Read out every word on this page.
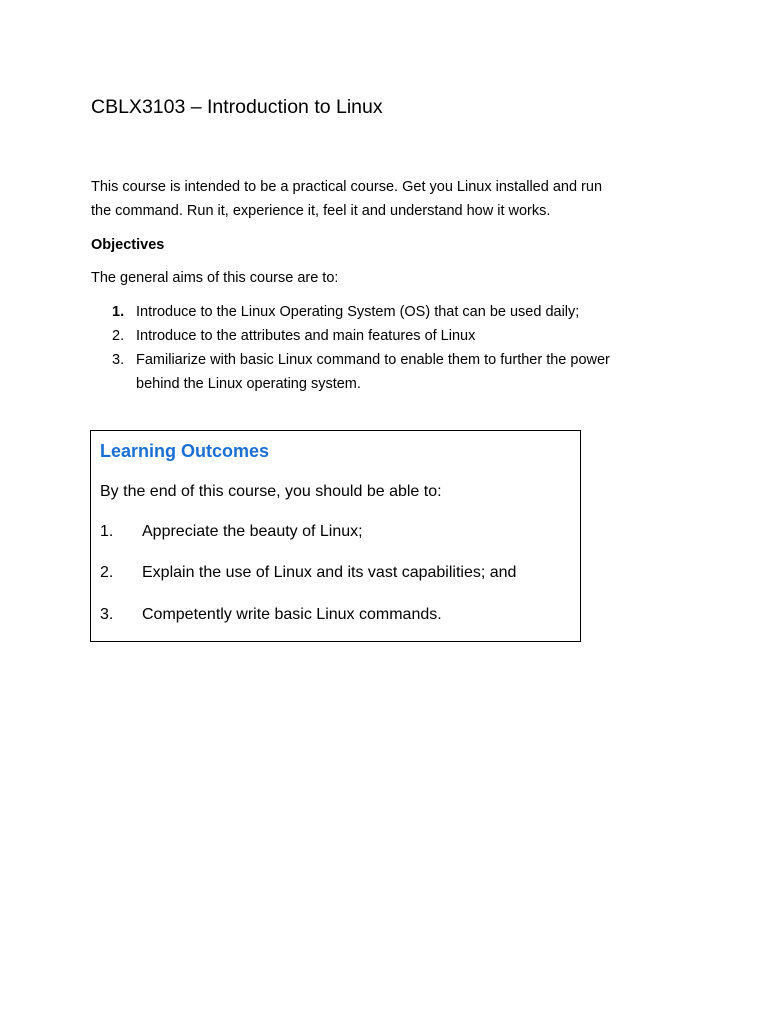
CBLX3103 – Introduction to Linux
This course is intended to be a practical course. Get you Linux installed and run
the command. Run it, experience it, feel it and understand how it works.
Objectives
The general aims of this course are to:
1. Introduce to the Linux Operating System (OS) that can be used daily;
2. Introduce to the attributes and main features of Linux
3. Familiarize with basic Linux command to enable them to further the power
behind the Linux operating system.
Learning Outcomes
By the end of this course, you should be able to:
1. Appreciate the beauty of Linux;
2. Explain the use of Linux and its vast capabilities; and
3. Competently write basic Linux commands.
